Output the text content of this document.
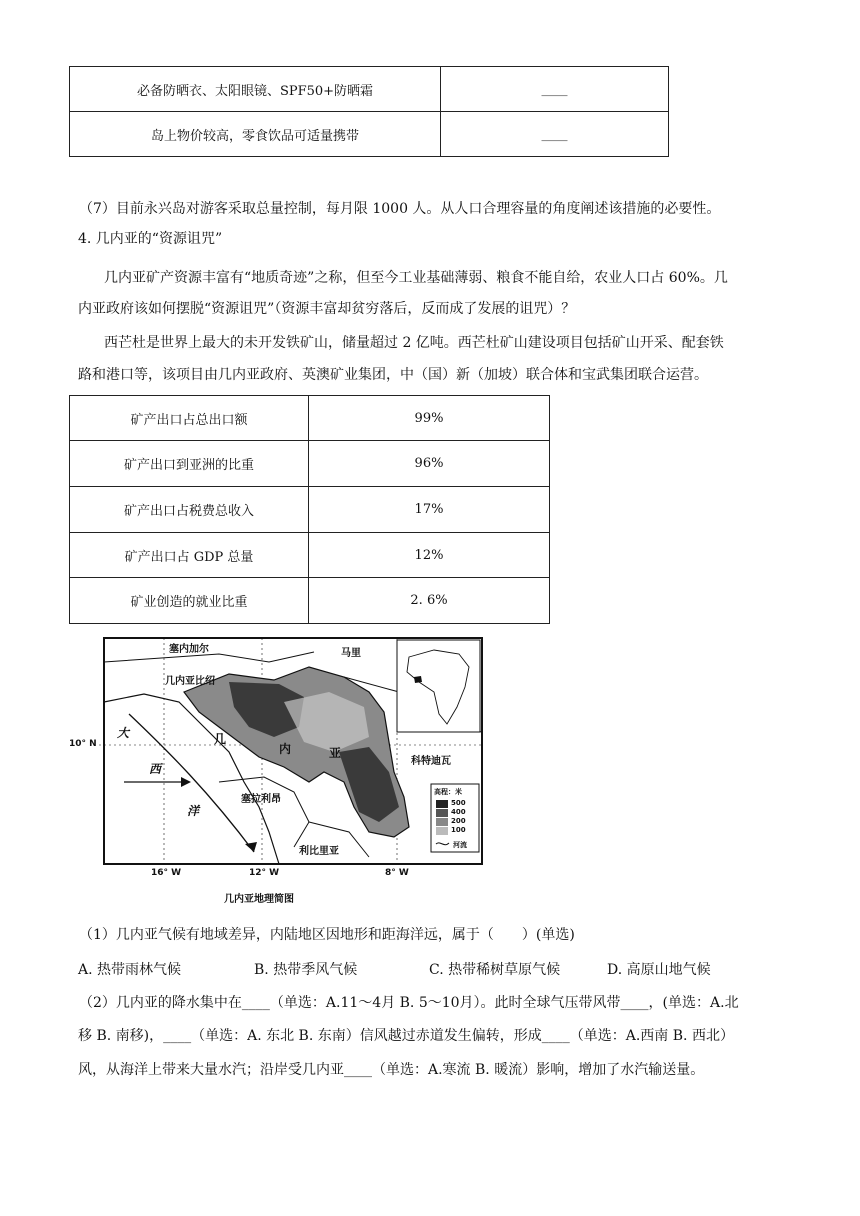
必备防晒衣、太阳眼镜、SPF50+防晒霜	____
岛上物价较高，零食饮品可适量携带	____
（7）目前永兴岛对游客采取总量控制，每月限 1000 人。从人口合理容量的角度阐述该措施的必要性。
4. 几内亚的“资源诅咒”
几内亚矿产资源丰富有“地质奇迹”之称，但至今工业基础薄弱、粮食不能自给，农业人口占 60%。几
内亚政府该如何摆脱“资源诅咒”（资源丰富却贫穷落后，反而成了发展的诅咒）？
西芒杜是世界上最大的未开发铁矿山，储量超过 2 亿吨。西芒杜矿山建设项目包括矿山开采、配套铁
路和港口等，该项目由几内亚政府、英澳矿业集团，中（国）新（加坡）联合体和宝武集团联合运营。
矿产出口占总出口额	99%
矿产出口到亚洲的比重	96%
矿产出口占税费总收入	17%
矿产出口占 GDP 总量	12%
矿业创造的就业比重	2. 6%
塞内加尔	马里
几内亚比绍
几
内	亚
科特迪瓦
塞拉利昂
利比里亚
大
西
洋
10° N
16° W	12° W	8° W
高程：米
500
400
200
100
河流
几内亚地理简图
（1）几内亚气候有地域差异，内陆地区因地形和距海洋远，属于（　　）(单选)
A. 热带雨林气候	B. 热带季风气候	C. 热带稀树草原气候	D. 高原山地气候
（2）几内亚的降水集中在____（单选：A.11～4月 B. 5～10月）。此时全球气压带风带____，(单选：A.北
移 B. 南移)，____（单选：A. 东北 B. 东南）信风越过赤道发生偏转，形成____（单选：A.西南 B. 西北）
风，从海洋上带来大量水汽；沿岸受几内亚____（单选：A.寒流 B. 暖流）影响，增加了水汽输送量。
